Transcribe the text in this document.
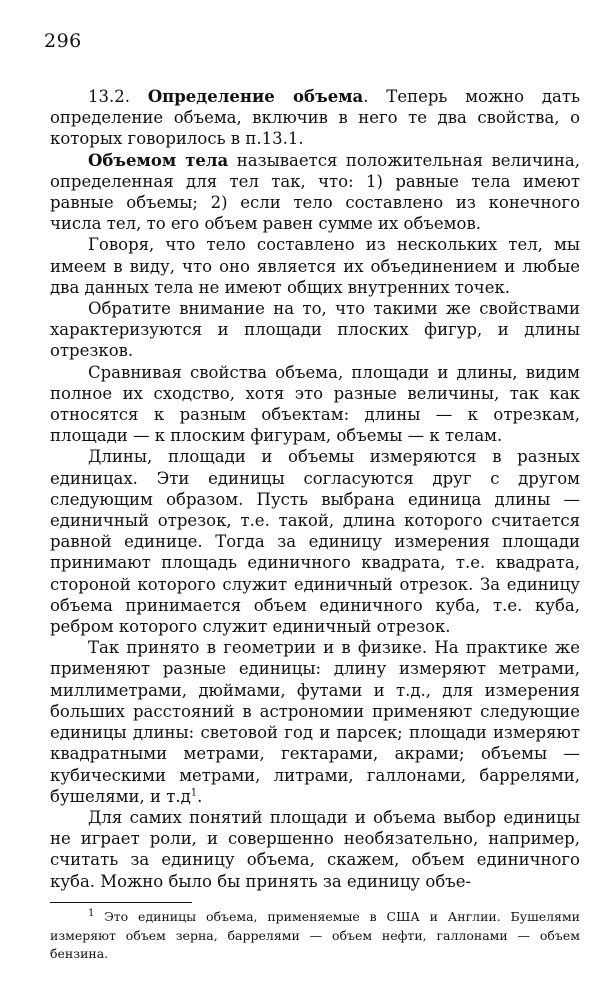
296

13.2. Определение объема. Теперь можно дать определение объема, включив в него те два свойства, о которых говорилось в п.13.1.

Объемом тела называется положительная величина, определенная для тел так, что: 1) равные тела имеют равные объемы; 2) если тело составлено из конечного числа тел, то его объем равен сумме их объемов.

Говоря, что тело составлено из нескольких тел, мы имеем в виду, что оно является их объединением и любые два данных тела не имеют общих внутренних точек.

Обратите внимание на то, что такими же свойствами характеризуются и площади плоских фигур, и длины отрезков.

Сравнивая свойства объема, площади и длины, видим полное их сходство, хотя это разные величины, так как относятся к разным объектам: длины — к отрезкам, площади — к плоским фигурам, объемы — к телам.

Длины, площади и объемы измеряются в разных единицах. Эти единицы согласуются друг с другом следующим образом. Пусть выбрана единица длины — единичный отрезок, т.е. такой, длина которого считается равной единице. Тогда за единицу измерения площади принимают площадь единичного квадрата, т.е. квадрата, стороной которого служит единичный отрезок. За единицу объема принимается объем единичного куба, т.е. куба, ребром которого служит единичный отрезок.

Так принято в геометрии и в физике. На практике же применяют разные единицы: длину измеряют метрами, миллиметрами, дюймами, футами и т.д., для измерения больших расстояний в астрономии применяют следующие единицы длины: световой год и парсек; площади измеряют квадратными метрами, гектарами, акрами; объемы — кубическими метрами, литрами, галлонами, баррелями, бушелями, и $т.д^1$.

Для самих понятий площади и объема выбор единицы не играет роли, и совершенно необязательно, например, считать за единицу объема, скажем, объем единичного куба. Можно было бы принять за единицу объе-

$^1$ Это единицы объема, применяемые в США и Англии. Бушелями измеряют объем зерна, баррелями — объем нефти, галлонами — объем бензина.
